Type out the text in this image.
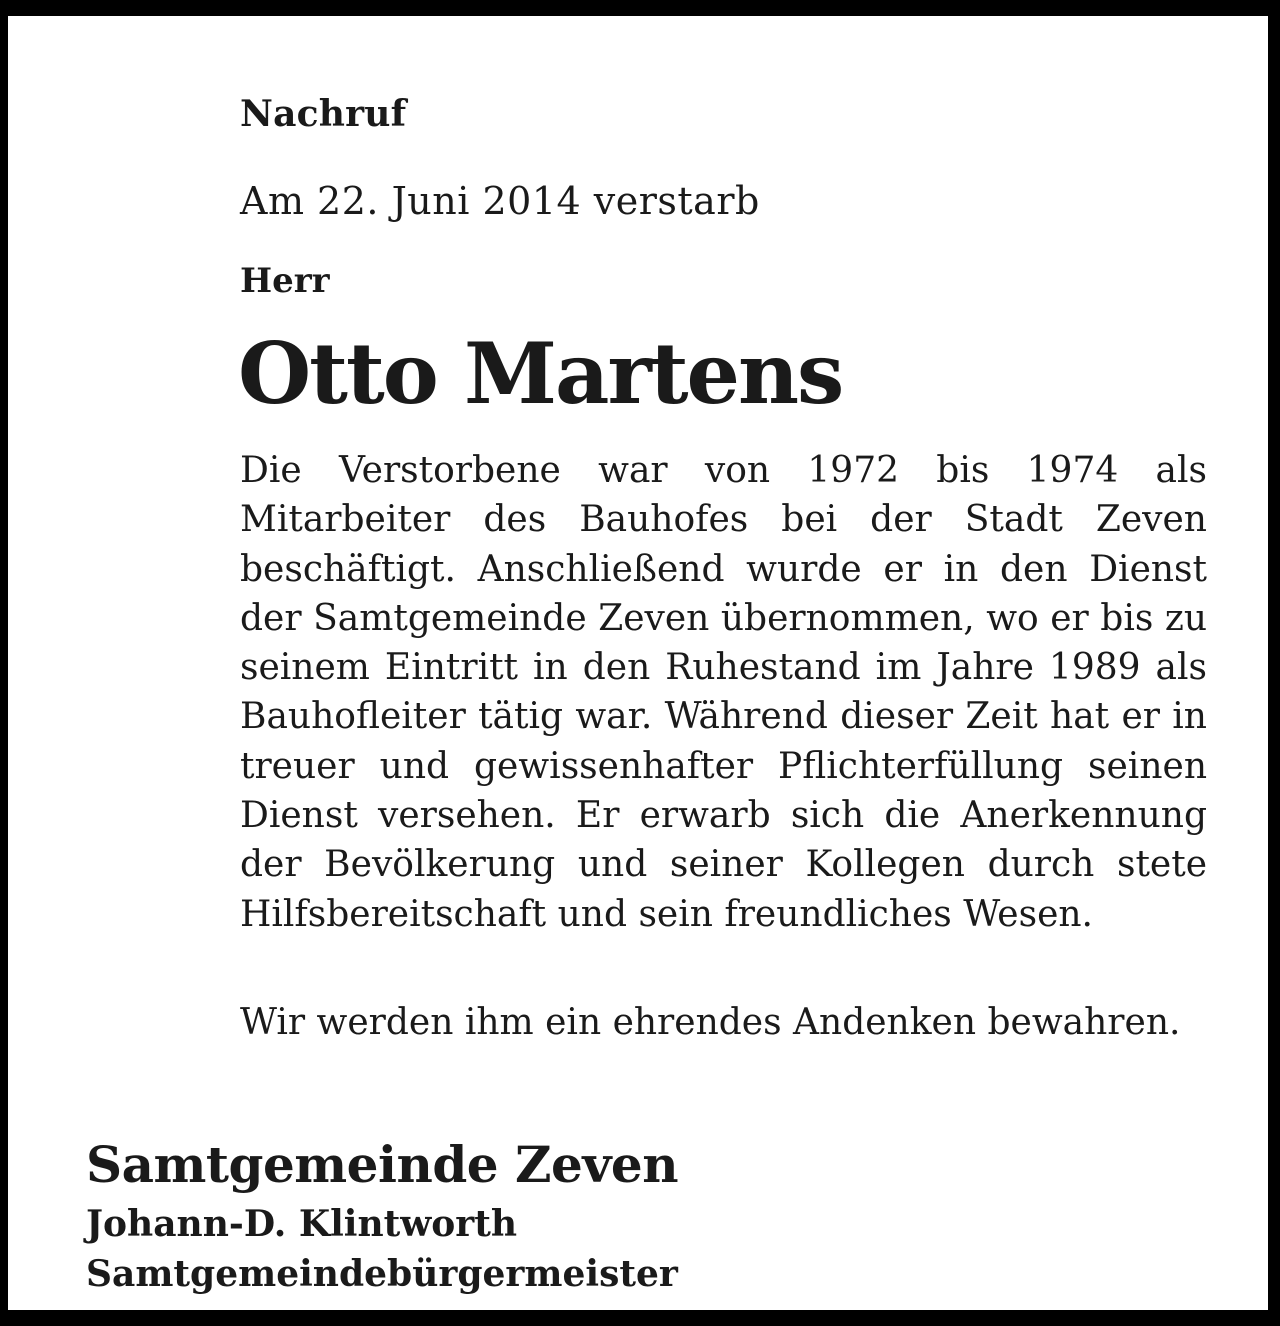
Nachruf
Am 22. Juni 2014 verstarb
Herr
Otto Martens

Die Verstorbene war von 1972 bis 1974 als Mitarbeiter des Bauhofes bei der Stadt Zeven beschäftigt. Anschließend wurde er in den Dienst der Samtgemeinde Zeven übernommen, wo er bis zu seinem Eintritt in den Ruhestand im Jahre 1989 als Bauhofleiter tätig war. Während dieser Zeit hat er in treuer und gewissenhafter Pflichterfüllung seinen Dienst versehen. Er erwarb sich die Anerkennung der Bevölkerung und seiner Kollegen durch stete Hilfsbereitschaft und sein freundliches Wesen.

Wir werden ihm ein ehrendes Andenken bewahren.

Samtgemeinde Zeven
Johann-D. Klintworth
Samtgemeindebürgermeister
